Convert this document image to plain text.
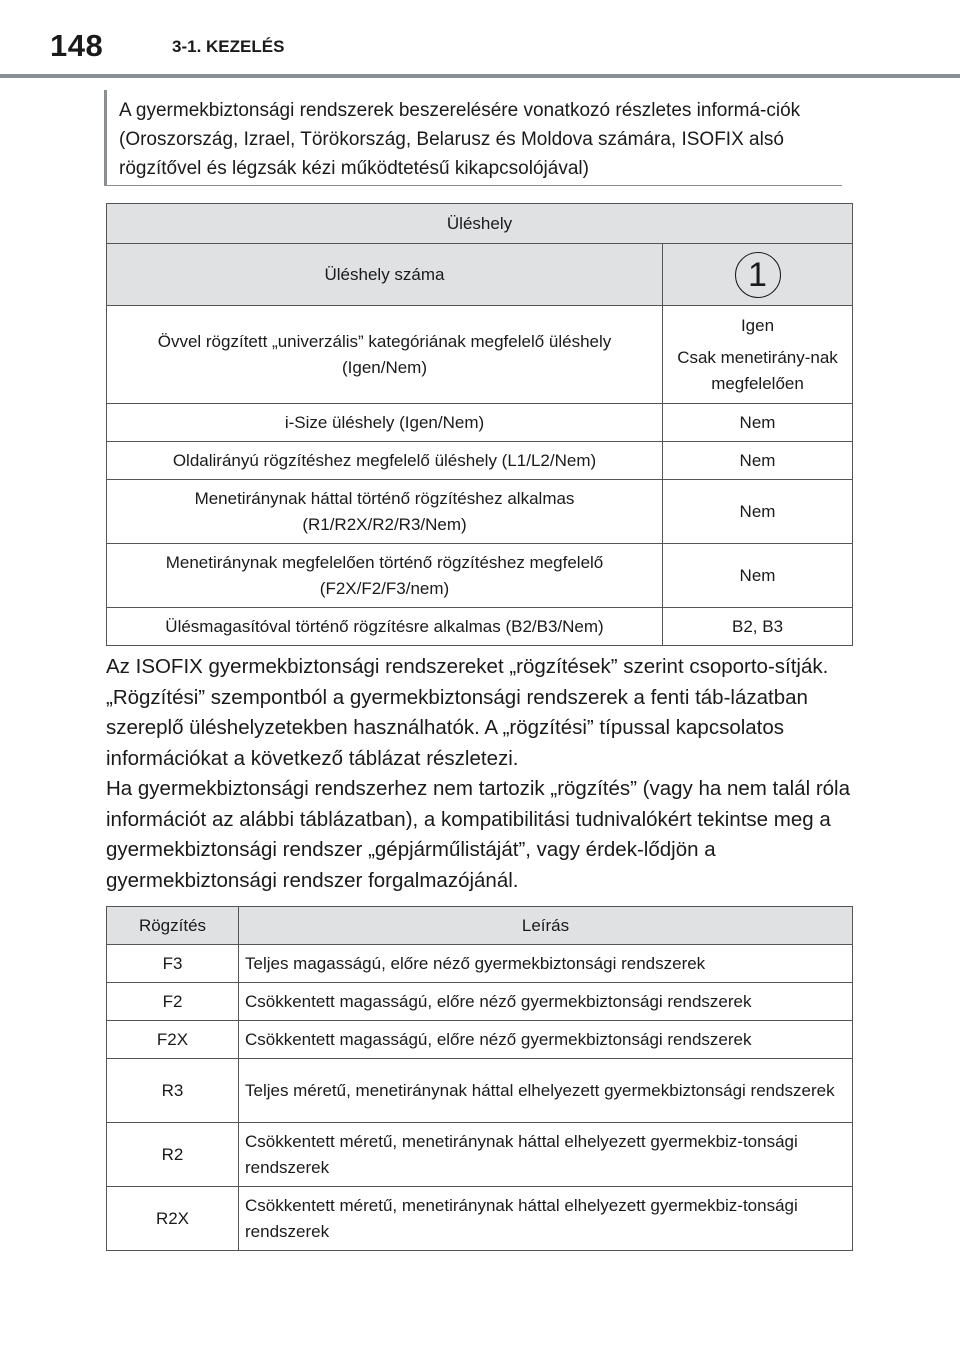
148	3-1. KEZELÉS
A gyermekbiztonsági rendszerek beszerelésére vonatkozó részletes informá-ciók (Oroszország, Izrael, Törökország, Belarusz és Moldova számára, ISOFIX alsó rögzítővel és légzsák kézi működtetésű kikapcsolójával)
Üléshely	
Üléshely száma	1
Övvel rögzített „univerzális” kategóriának megfelelő üléshely (Igen/Nem)	Igen
Csak menetirány-nak megfelelően

i-Size üléshely (Igen/Nem)	Nem
Oldalirányú rögzítéshez megfelelő üléshely (L1/L2/Nem)	Nem
Menetiránynak háttal történő rögzítéshez alkalmas (R1/R2X/R2/R3/Nem)	Nem
Menetiránynak megfelelően történő rögzítéshez megfelelő (F2X/F2/F3/nem)	Nem
Ülésmagasítóval történő rögzítésre alkalmas (B2/B3/Nem)	B2, B3

Az ISOFIX gyermekbiztonsági rendszereket „rögzítések” szerint csoporto-sítják. „Rögzítési” szempontból a gyermekbiztonsági rendszerek a fenti táb-lázatban szereplő üléshelyzetekben használhatók. A „rögzítési” típussal kapcsolatos információkat a következő táblázat részletezi.

Ha gyermekbiztonsági rendszerhez nem tartozik „rögzítés” (vagy ha nem talál róla információt az alábbi táblázatban), a kompatibilitási tudnivalókért tekintse meg a gyermekbiztonsági rendszer „gépjárműlistáját”, vagy érdek-lődjön a gyermekbiztonsági rendszer forgalmazójánál.

Rögzítés	Leírás
F3	Teljes magasságú, előre néző gyermekbiztonsági rendszerek
F2	Csökkentett magasságú, előre néző gyermekbiztonsági rendszerek
F2X	Csökkentett magasságú, előre néző gyermekbiztonsági rendszerek
R3	Teljes méretű, menetiránynak háttal elhelyezett gyermekbiztonsági rendszerek
R2	Csökkentett méretű, menetiránynak háttal elhelyezett gyermekbiz-tonsági rendszerek
R2X	Csökkentett méretű, menetiránynak háttal elhelyezett gyermekbiz-tonsági rendszerek
